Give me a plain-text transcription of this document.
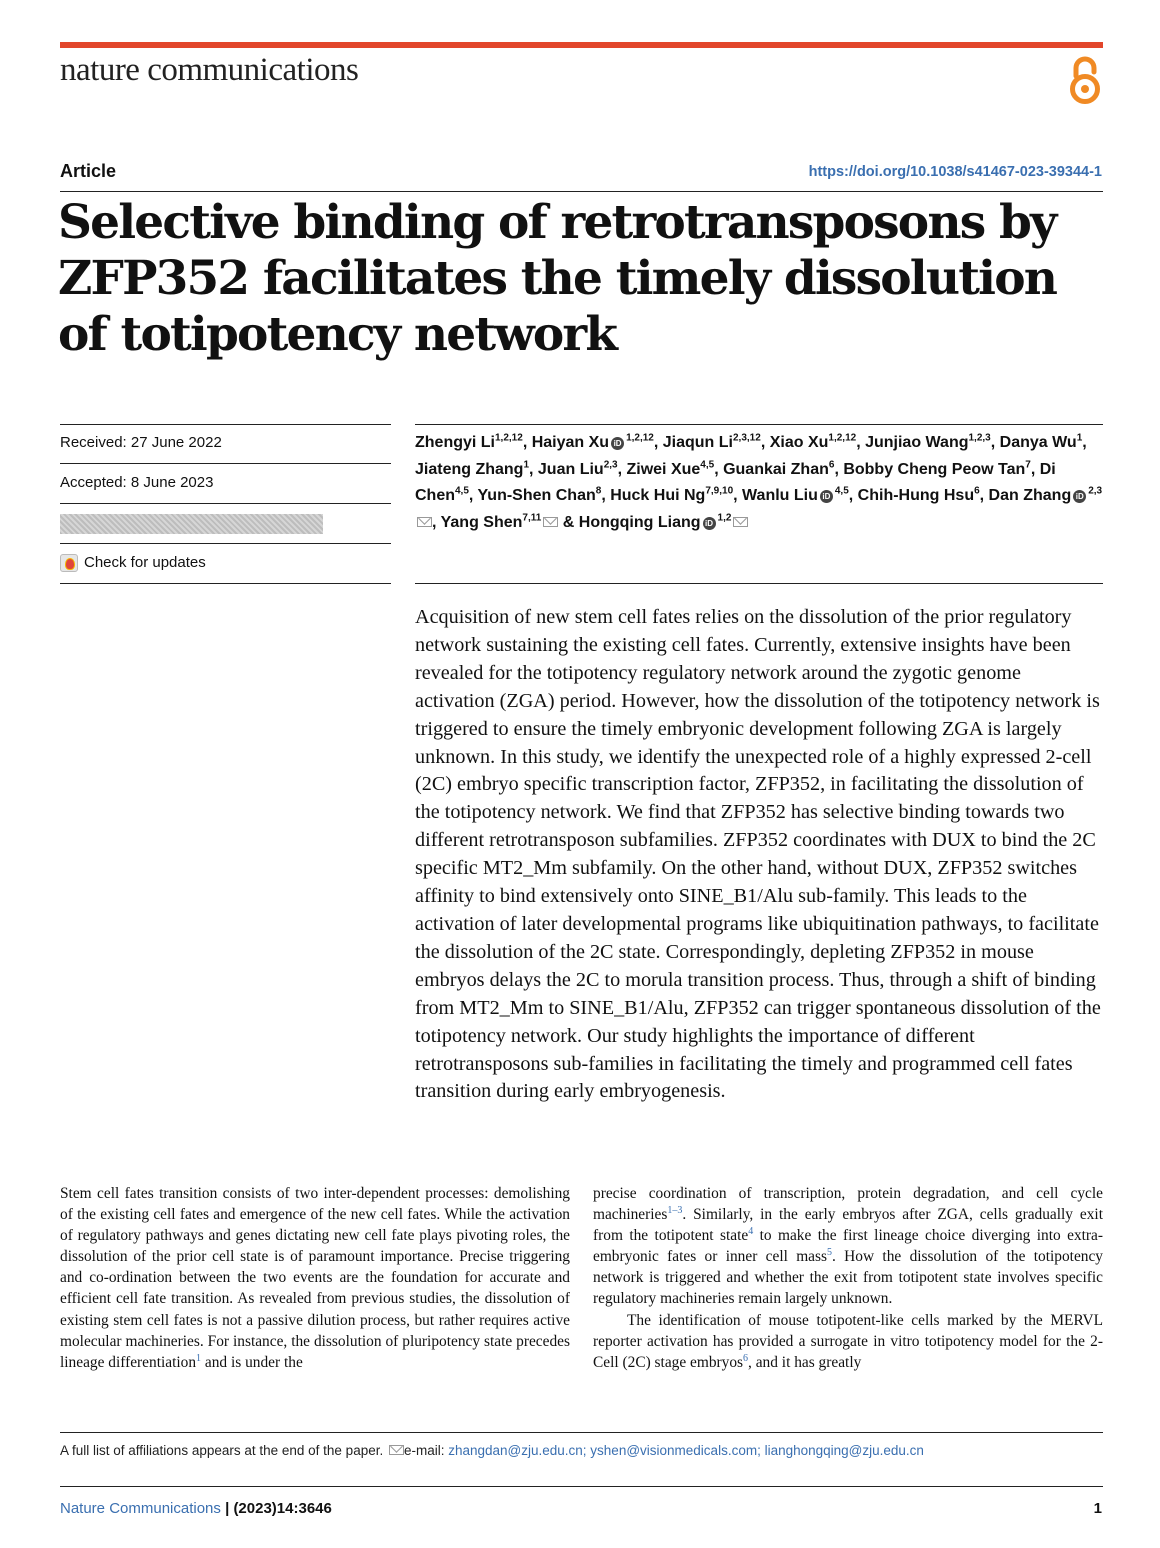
nature communications
Article	https://doi.org/10.1038/s41467-023-39344-1
Selective binding of retrotransposons by ZFP352 facilitates the timely dissolution of totipotency network
Received: 27 June 2022
Accepted: 8 June 2023
Check for updates

Zhengyi Li$^{1,2,12}$, Haiyan Xu iD $^{1,2,12}$, Jiaqun Li$^{2,3,12}$, Xiao Xu$^{1,2,12}$, Junjiao Wang$^{1,2,3}$, Danya Wu$^1$, Jiateng Zhang$^1$, Juan Liu$^{2,3}$, Ziwei Xue$^{4,5}$, Guankai Zhan$^6$, Bobby Cheng Peow Tan$^7$, Di Chen$^{4,5}$, Yun-Shen Chan$^8$, Huck Hui Ng$^{7,9,10}$, Wanlu Liu iD $^{4,5}$, Chih-Hung Hsu$^6$, Dan Zhang iD $^{2,3}$, Yang Shen$^{7,11}$ & Hongqing Liang iD $^{1,2}$

Acquisition of new stem cell fates relies on the dissolution of the prior regulatory network sustaining the existing cell fates. Currently, extensive insights have been revealed for the totipotency regulatory network around the zygotic genome activation (ZGA) period. However, how the dissolution of the totipotency network is triggered to ensure the timely embryonic development following ZGA is largely unknown. In this study, we identify the unexpected role of a highly expressed 2-cell (2C) embryo specific transcription factor, ZFP352, in facilitating the dissolution of the totipotency network. We find that ZFP352 has selective binding towards two different retrotransposon subfamilies. ZFP352 coordinates with DUX to bind the 2C specific MT2_Mm subfamily. On the other hand, without DUX, ZFP352 switches affinity to bind extensively onto SINE_B1/Alu sub-family. This leads to the activation of later developmental programs like ubiquitination pathways, to facilitate the dissolution of the 2C state. Correspondingly, depleting ZFP352 in mouse embryos delays the 2C to morula transition process. Thus, through a shift of binding from MT2_Mm to SINE_B1/Alu, ZFP352 can trigger spontaneous dissolution of the totipotency network. Our study highlights the importance of different retrotransposons sub-families in facilitating the timely and programmed cell fates transition during early embryogenesis.

Stem cell fates transition consists of two inter-dependent processes: demolishing of the existing cell fates and emergence of the new cell fates. While the activation of regulatory pathways and genes dictating new cell fate plays pivoting roles, the dissolution of the prior cell state is of paramount importance. Precise triggering and co-ordination between the two events are the foundation for accurate and efficient cell fate transition. As revealed from previous studies, the dissolution of existing stem cell fates is not a passive dilution process, but rather requires active molecular machineries. For instance, the dissolution of pluripotency state precedes lineage differentiation$^1$ and is under the

precise coordination of transcription, protein degradation, and cell cycle machineries$^{1-3}$. Similarly, in the early embryos after ZGA, cells gradually exit from the totipotent state$^4$ to make the first lineage choice diverging into extra-embryonic fates or inner cell mass$^5$. How the dissolution of the totipotency network is triggered and whether the exit from totipotent state involves specific regulatory machineries remain largely unknown.

The identification of mouse totipotent-like cells marked by the MERVL reporter activation has provided a surrogate in vitro totipotency model for the 2-Cell (2C) stage embryos$^6$, and it has greatly

A full list of affiliations appears at the end of the paper. e-mail: zhangdan@zju.edu.cn; yshen@visionmedicals.com; lianghongqing@zju.edu.cn
Nature Communications | (2023)14:3646	1
